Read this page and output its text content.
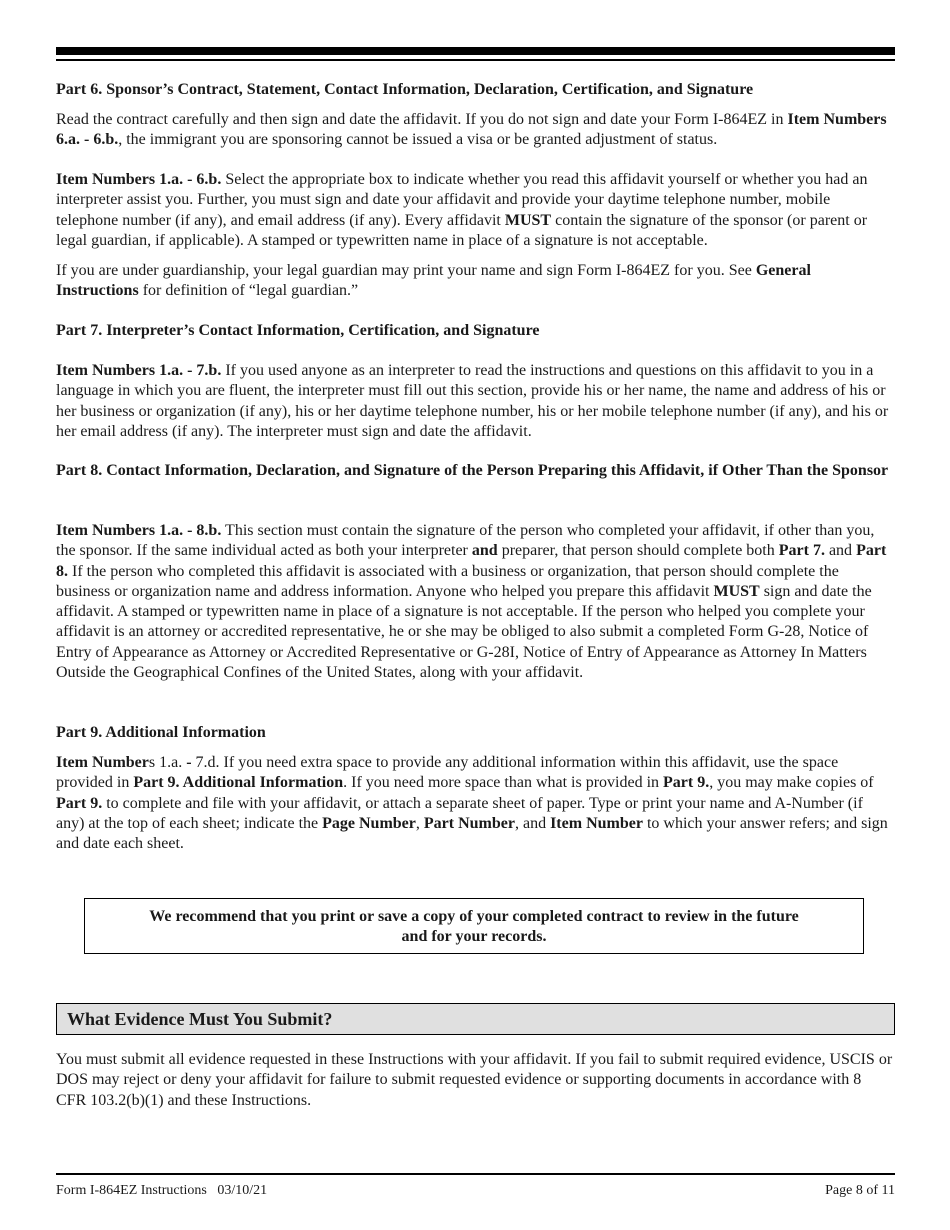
Part 6. Sponsor’s Contract, Statement, Contact Information, Declaration, Certification, and Signature
Read the contract carefully and then sign and date the affidavit. If you do not sign and date your Form I-864EZ in Item Numbers 6.a. - 6.b., the immigrant you are sponsoring cannot be issued a visa or be granted adjustment of status.
Item Numbers 1.a. - 6.b. Select the appropriate box to indicate whether you read this affidavit yourself or whether you had an interpreter assist you. Further, you must sign and date your affidavit and provide your daytime telephone number, mobile telephone number (if any), and email address (if any). Every affidavit MUST contain the signature of the sponsor (or parent or legal guardian, if applicable). A stamped or typewritten name in place of a signature is not acceptable.
If you are under guardianship, your legal guardian may print your name and sign Form I-864EZ for you. See General Instructions for definition of “legal guardian.”
Part 7. Interpreter’s Contact Information, Certification, and Signature
Item Numbers 1.a. - 7.b. If you used anyone as an interpreter to read the instructions and questions on this affidavit to you in a language in which you are fluent, the interpreter must fill out this section, provide his or her name, the name and address of his or her business or organization (if any), his or her daytime telephone number, his or her mobile telephone number (if any), and his or her email address (if any). The interpreter must sign and date the affidavit.
Part 8. Contact Information, Declaration, and Signature of the Person Preparing this Affidavit, if Other Than the Sponsor
Item Numbers 1.a. - 8.b. This section must contain the signature of the person who completed your affidavit, if other than you, the sponsor. If the same individual acted as both your interpreter and preparer, that person should complete both Part 7. and Part 8. If the person who completed this affidavit is associated with a business or organization, that person should complete the business or organization name and address information. Anyone who helped you prepare this affidavit MUST sign and date the affidavit. A stamped or typewritten name in place of a signature is not acceptable. If the person who helped you complete your affidavit is an attorney or accredited representative, he or she may be obliged to also submit a completed Form G-28, Notice of Entry of Appearance as Attorney or Accredited Representative or G-28I, Notice of Entry of Appearance as Attorney In Matters Outside the Geographical Confines of the United States, along with your affidavit.
Part 9. Additional Information
Item Numbers 1.a. - 7.d. If you need extra space to provide any additional information within this affidavit, use the space provided in Part 9. Additional Information. If you need more space than what is provided in Part 9., you may make copies of Part 9. to complete and file with your affidavit, or attach a separate sheet of paper. Type or print your name and A-Number (if any) at the top of each sheet; indicate the Page Number, Part Number, and Item Number to which your answer refers; and sign and date each sheet.
We recommend that you print or save a copy of your completed contract to review in the future
and for your records.
What Evidence Must You Submit?
You must submit all evidence requested in these Instructions with your affidavit. If you fail to submit required evidence, USCIS or DOS may reject or deny your affidavit for failure to submit requested evidence or supporting documents in accordance with 8 CFR 103.2(b)(1) and these Instructions.
Form I-864EZ Instructions   03/10/21	Page 8 of 11
